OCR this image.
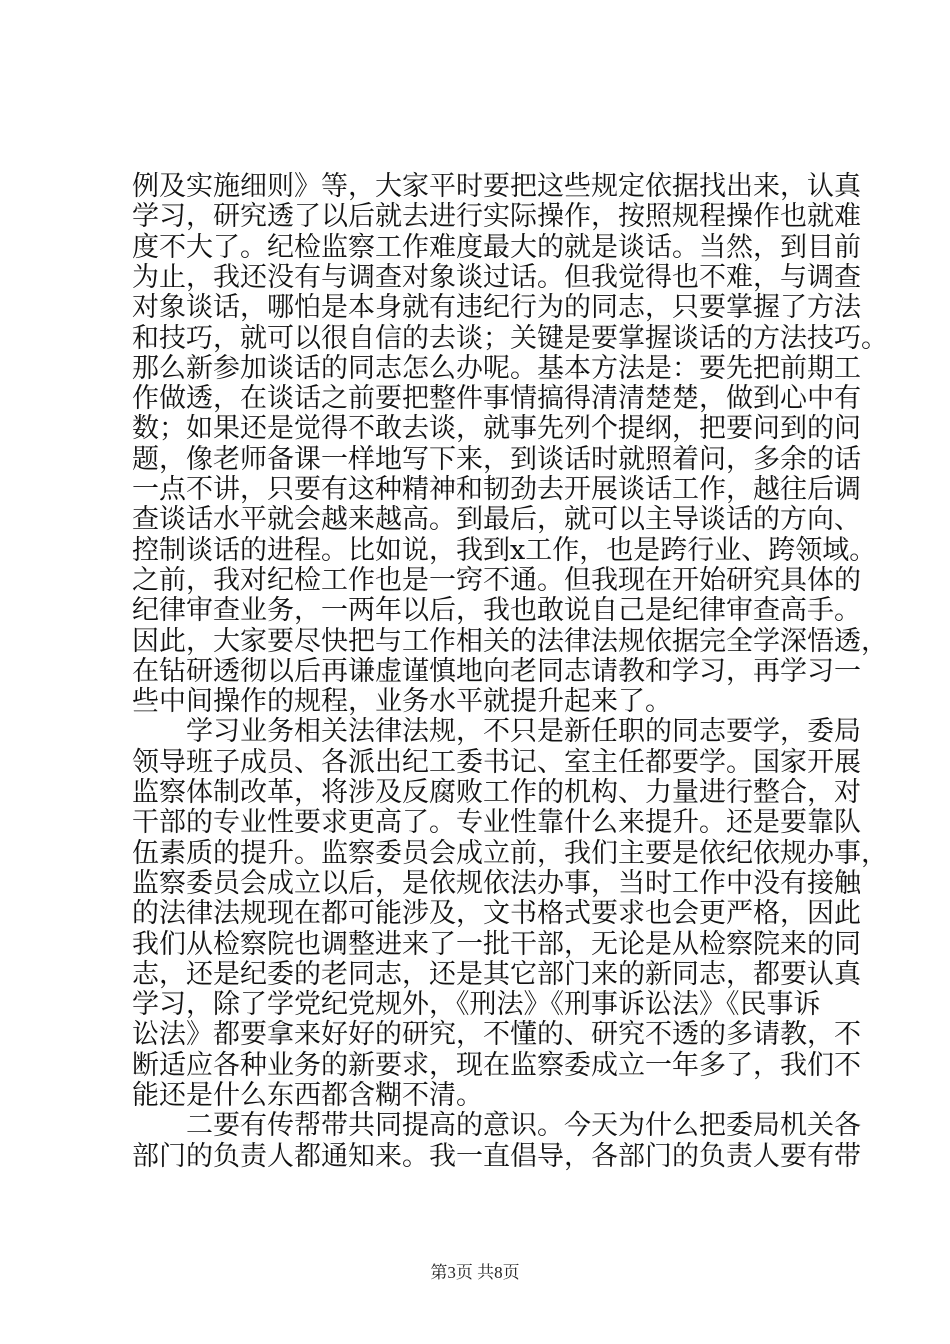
例及实施细则》等，大家平时要把这些规定依据找出来，认真
学习，研究透了以后就去进行实际操作，按照规程操作也就难
度不大了。纪检监察工作难度最大的就是谈话。当然，到目前
为止，我还没有与调查对象谈过话。但我觉得也不难，与调查
对象谈话，哪怕是本身就有违纪行为的同志，只要掌握了方法
和技巧，就可以很自信的去谈；关键是要掌握谈话的方法技巧。
那么新参加谈话的同志怎么办呢。基本方法是：要先把前期工
作做透，在谈话之前要把整件事情搞得清清楚楚，做到心中有
数；如果还是觉得不敢去谈，就事先列个提纲，把要问到的问
题，像老师备课一样地写下来，到谈话时就照着问，多余的话
一点不讲，只要有这种精神和韧劲去开展谈话工作，越往后调
查谈话水平就会越来越高。到最后，就可以主导谈话的方向、
控制谈话的进程。比如说，我到x工作，也是跨行业、跨领域。
之前，我对纪检工作也是一窍不通。但我现在开始研究具体的
纪律审查业务，一两年以后，我也敢说自己是纪律审查高手。
因此，大家要尽快把与工作相关的法律法规依据完全学深悟透，
在钻研透彻以后再谦虚谨慎地向老同志请教和学习，再学习一
些中间操作的规程，业务水平就提升起来了。
学习业务相关法律法规，不只是新任职的同志要学，委局
领导班子成员、各派出纪工委书记、室主任都要学。国家开展
监察体制改革，将涉及反腐败工作的机构、力量进行整合，对
干部的专业性要求更高了。专业性靠什么来提升。还是要靠队
伍素质的提升。监察委员会成立前，我们主要是依纪依规办事，
监察委员会成立以后，是依规依法办事，当时工作中没有接触
的法律法规现在都可能涉及，文书格式要求也会更严格，因此
我们从检察院也调整进来了一批干部，无论是从检察院来的同
志，还是纪委的老同志，还是其它部门来的新同志，都要认真
学习，除了学党纪党规外，《刑法》《刑事诉讼法》《民事诉
讼法》都要拿来好好的研究，不懂的、研究不透的多请教，不
断适应各种业务的新要求，现在监察委成立一年多了，我们不
能还是什么东西都含糊不清。
二要有传帮带共同提高的意识。今天为什么把委局机关各
部门的负责人都通知来。我一直倡导，各部门的负责人要有带
第3页 共8页
